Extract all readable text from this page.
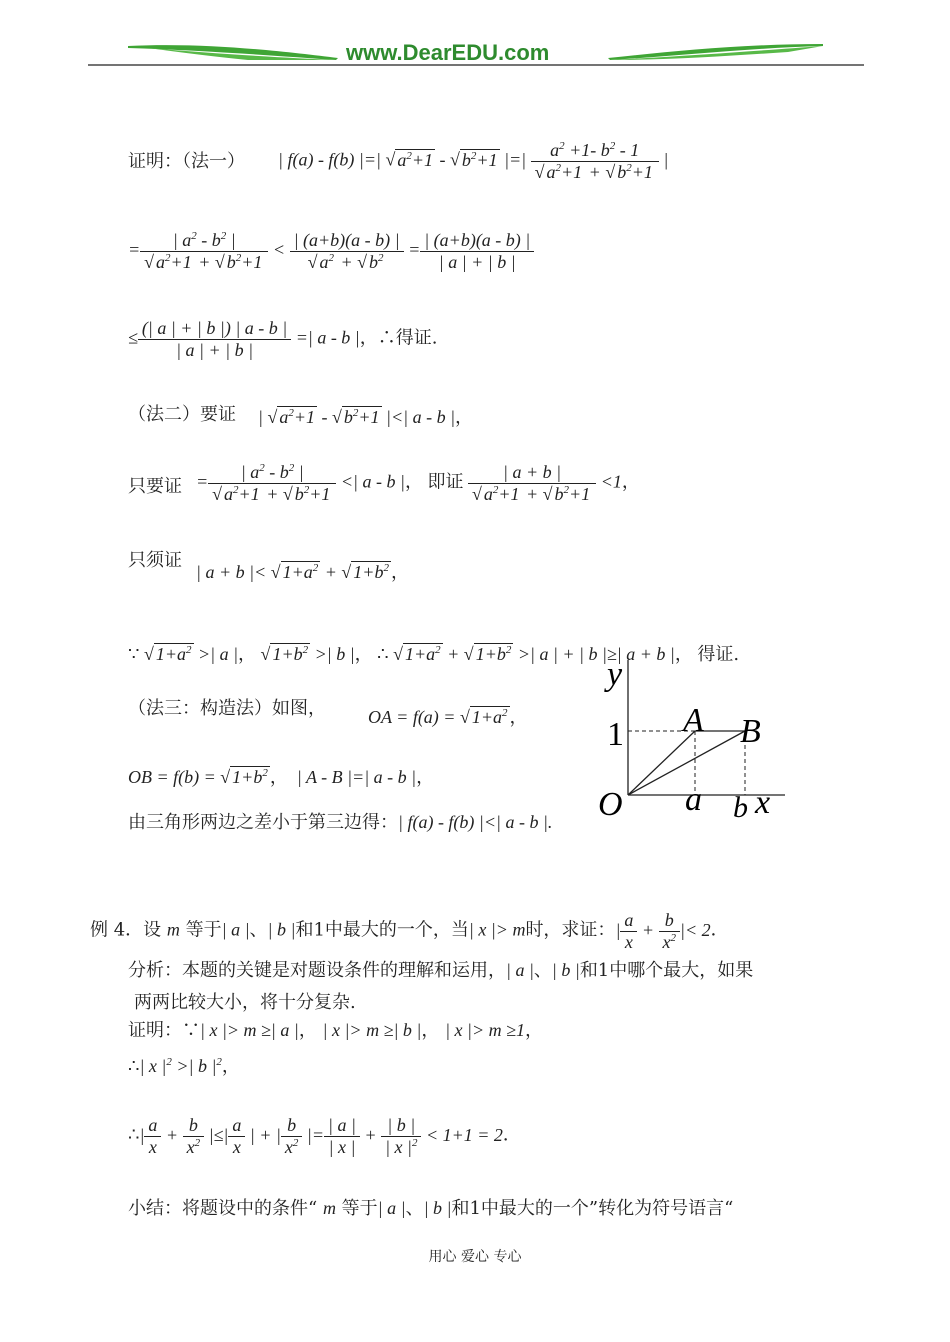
www.DearEDU.com
证明：（法一） | f(a) - f(b) |=| √ $a^2+1$ - √ $b^2+1$ |=| $\frac{a^2 +1- b^2 - 1}{√ a^2+1 + √ b^2+1}$ |
= $\frac{| a^2 - b^2 |}{√ a^2+1 + √ b^2+1} < \frac{| (a+b)(a - b) |}{√ a^2 + √ b^2} = \frac{| (a+b)(a - b) |}{| a | + | b |}$
≤ $\frac{(| a | + | b |) | a - b |}{| a | + | b |}$ =| a - b |，∴得证.
（法二）要证 | √ $a^2+1$ - √ $b^2+1$ |<| a - b |，
只要证 = $\frac{| a^2 - b^2 |}{√ a^2+1 + √ b^2+1}$ <| a - b |， 即证 $\frac{| a + b |}{√ a^2+1 + √ b^2+1} <1$，
只须证
| a + b |< √ $1+a^2$ + √ $1+b^2$ ，
∵ √ $1+a^2$ >| a |， √ $1+b^2$ >| b |， ∴ √ $1+a^2$ + √ $1+b^2$ >| a | + | b |≥| a + b |， 得证.
（法三：构造法）如图， OA = f(a) = √ $1+a^2$ ，
OB = f(b) = √ $1+b^2$ ，  | A - B |=| a - b |，
由三角形两边之差小于第三边得：| f(a) - f(b) |<| a - b |.
y
1 A B
O a b x
例 4．设 m 等于| a |、| b |和1中最大的一个，当| x |> m时，求证：| $\frac{a}{x} + \frac{b}{x^2}$ |< 2．
分析：本题的关键是对题设条件的理解和运用，| a |、| b |和1中哪个最大，如果
两两比较大小，将十分复杂.
证明：∵| x |> m ≥| a |， | x |> m ≥| b |， | x |> m ≥1，
∴| x $|^2$ >| b $|^2$，
∴| $\frac{a}{x} + \frac{b}{x^2}$ |≤| $\frac{a}{x}$ | + | $\frac{b}{x^2}$ |= $\frac{| a |}{| x |} + \frac{| b |}{| x |^2} < 1+1 = 2$．
小结：将题设中的条件“ m 等于| a |、| b |和1中最大的一个”转化为符号语言“
用心 爱心 专心
